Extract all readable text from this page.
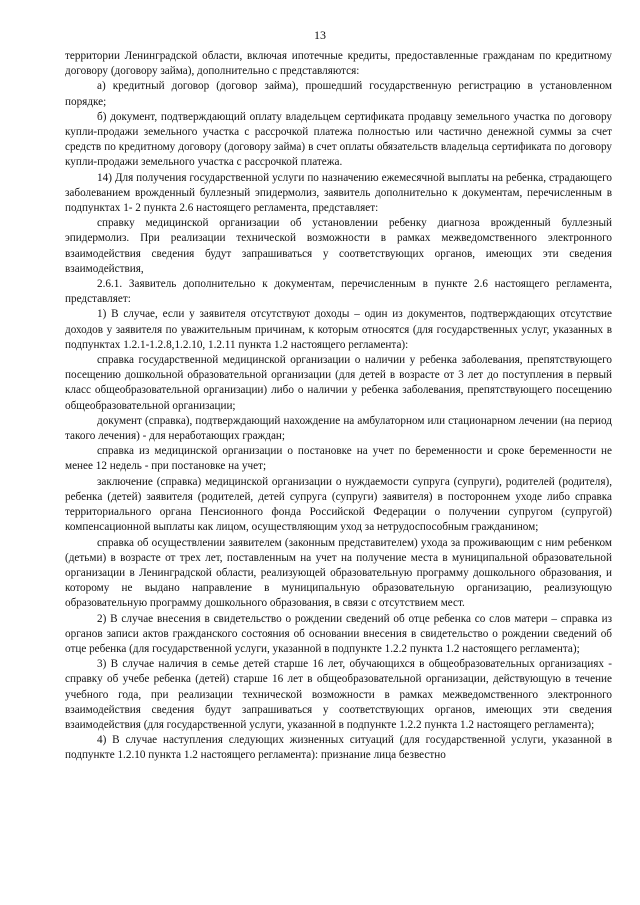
13

территории Ленинградской области, включая ипотечные кредиты, предоставленные гражданам по кредитному договору (договору займа), дополнительно с представляются:

а) кредитный договор (договор займа), прошедший государственную регистрацию в установленном порядке;

б) документ, подтверждающий оплату владельцем сертификата продавцу земельного участка по договору купли-продажи земельного участка с рассрочкой платежа полностью или частично денежной суммы за счет средств по кредитному договору (договору займа) в счет оплаты обязательств владельца сертификата по договору купли-продажи земельного участка с рассрочкой платежа.

14) Для получения государственной услуги по назначению ежемесячной выплаты на ребенка, страдающего заболеванием врожденный буллезный эпидермолиз, заявитель дополнительно к документам, перечисленным в подпунктах 1- 2 пункта 2.6 настоящего регламента, представляет:

справку медицинской организации об установлении ребенку диагноза врожденный буллезный эпидермолиз. При реализации технической возможности в рамках межведомственного электронного взаимодействия сведения будут запрашиваться у соответствующих органов, имеющих эти сведения взаимодействия,

2.6.1. Заявитель дополнительно к документам, перечисленным в пункте 2.6 настоящего регламента, представляет:

1) В случае, если у заявителя отсутствуют доходы – один из документов, подтверждающих отсутствие доходов у заявителя по уважительным причинам, к которым относятся (для государственных услуг, указанных в подпунктах 1.2.1-1.2.8,1.2.10, 1.2.11 пункта 1.2 настоящего регламента):

справка государственной медицинской организации о наличии у ребенка заболевания, препятствующего посещению дошкольной образовательной организации (для детей в возрасте от 3 лет до поступления в первый класс общеобразовательной организации) либо о наличии у ребенка заболевания, препятствующего посещению общеобразовательной организации;

документ (справка), подтверждающий нахождение на амбулаторном или стационарном лечении (на период такого лечения) - для неработающих граждан;

справка из медицинской организации о постановке на учет по беременности и сроке беременности не менее 12 недель - при постановке на учет;

заключение (справка) медицинской организации о нуждаемости супруга (супруги), родителей (родителя), ребенка (детей) заявителя (родителей, детей супруга (супруги) заявителя) в постороннем уходе либо справка территориального органа Пенсионного фонда Российской Федерации о получении супругом (супругой) компенсационной выплаты как лицом, осуществляющим уход за нетрудоспособным гражданином;

справка об осуществлении заявителем (законным представителем) ухода за проживающим с ним ребенком (детьми) в возрасте от трех лет, поставленным на учет на получение места в муниципальной образовательной организации в Ленинградской области, реализующей образовательную программу дошкольного образования, и которому не выдано направление в муниципальную образовательную организацию, реализующую образовательную программу дошкольного образования, в связи с отсутствием мест.

2) В случае внесения в свидетельство о рождении сведений об отце ребенка со слов матери – справка из органов записи актов гражданского состояния об основании внесения в свидетельство о рождении сведений об отце ребенка (для государственной услуги, указанной в подпункте 1.2.2 пункта 1.2 настоящего регламента);

3) В случае наличия в семье детей старше 16 лет, обучающихся в общеобразовательных организациях - справку об учебе ребенка (детей) старше 16 лет в общеобразовательной организации, действующую в течение учебного года, при реализации технической возможности в рамках межведомственного электронного взаимодействия сведения будут запрашиваться у соответствующих органов, имеющих эти сведения взаимодействия (для государственной услуги, указанной в подпункте 1.2.2 пункта 1.2 настоящего регламента);

4) В случае наступления следующих жизненных ситуаций (для государственной услуги, указанной в подпункте 1.2.10 пункта 1.2 настоящего регламента): признание лица безвестно
